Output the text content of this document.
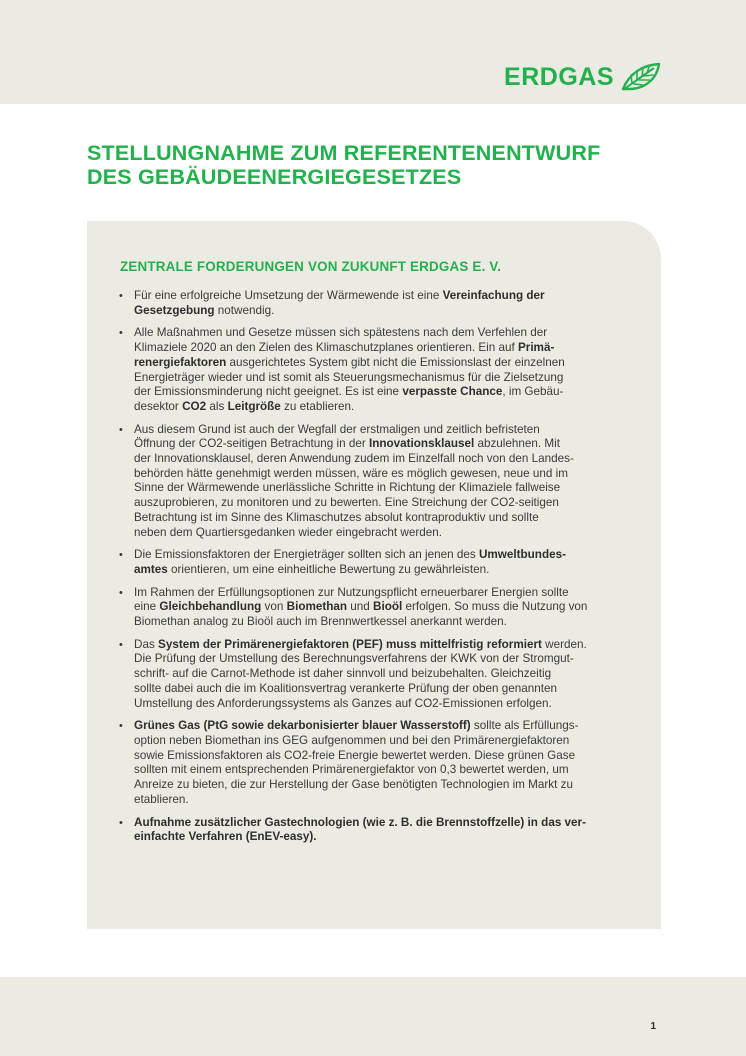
ERDGAS
STELLUNGNAHME ZUM REFERENTENENTWURF
DES GEBÄUDEENERGIEGESETZES
ZENTRALE FORDERUNGEN VON ZUKUNFT ERDGAS E. V.
• Für eine erfolgreiche Umsetzung der Wärmewende ist eine Vereinfachung der
Gesetzgebung notwendig.
• Alle Maßnahmen und Gesetze müssen sich spätestens nach dem Verfehlen der
Klimaziele 2020 an den Zielen des Klimaschutzplanes orientieren. Ein auf Primä-
renergiefaktoren ausgerichtetes System gibt nicht die Emissionslast der einzelnen
Energieträger wieder und ist somit als Steuerungsmechanismus für die Zielsetzung
der Emissionsminderung nicht geeignet. Es ist eine verpasste Chance, im Gebäu-
desektor CO2 als Leitgröße zu etablieren.
• Aus diesem Grund ist auch der Wegfall der erstmaligen und zeitlich befristeten
Öffnung der CO2-seitigen Betrachtung in der Innovationsklausel abzulehnen. Mit
der Innovationsklausel, deren Anwendung zudem im Einzelfall noch von den Landes-
behörden hätte genehmigt werden müssen, wäre es möglich gewesen, neue und im
Sinne der Wärmewende unerlässliche Schritte in Richtung der Klimaziele fallweise
auszuprobieren, zu monitoren und zu bewerten. Eine Streichung der CO2-seitigen
Betrachtung ist im Sinne des Klimaschutzes absolut kontraproduktiv und sollte
neben dem Quartiersgedanken wieder eingebracht werden.
• Die Emissionsfaktoren der Energieträger sollten sich an jenen des Umweltbundes-
amtes orientieren, um eine einheitliche Bewertung zu gewährleisten.
• Im Rahmen der Erfüllungsoptionen zur Nutzungspflicht erneuerbarer Energien sollte
eine Gleichbehandlung von Biomethan und Bioöl erfolgen. So muss die Nutzung von
Biomethan analog zu Bioöl auch im Brennwertkessel anerkannt werden.
• Das System der Primärenergiefaktoren (PEF) muss mittelfristig reformiert werden.
Die Prüfung der Umstellung des Berechnungsverfahrens der KWK von der Stromgut-
schrift- auf die Carnot-Methode ist daher sinnvoll und beizubehalten. Gleichzeitig
sollte dabei auch die im Koalitionsvertrag verankerte Prüfung der oben genannten
Umstellung des Anforderungssystems als Ganzes auf CO2-Emissionen erfolgen.
• Grünes Gas (PtG sowie dekarbonisierter blauer Wasserstoff) sollte als Erfüllungs-
option neben Biomethan ins GEG aufgenommen und bei den Primärenergiefaktoren
sowie Emissionsfaktoren als CO2-freie Energie bewertet werden. Diese grünen Gase
sollten mit einem entsprechenden Primärenergiefaktor von 0,3 bewertet werden, um
Anreize zu bieten, die zur Herstellung der Gase benötigten Technologien im Markt zu
etablieren.
• Aufnahme zusätzlicher Gastechnologien (wie z. B. die Brennstoffzelle) in das ver-
einfachte Verfahren (EnEV-easy).
1
